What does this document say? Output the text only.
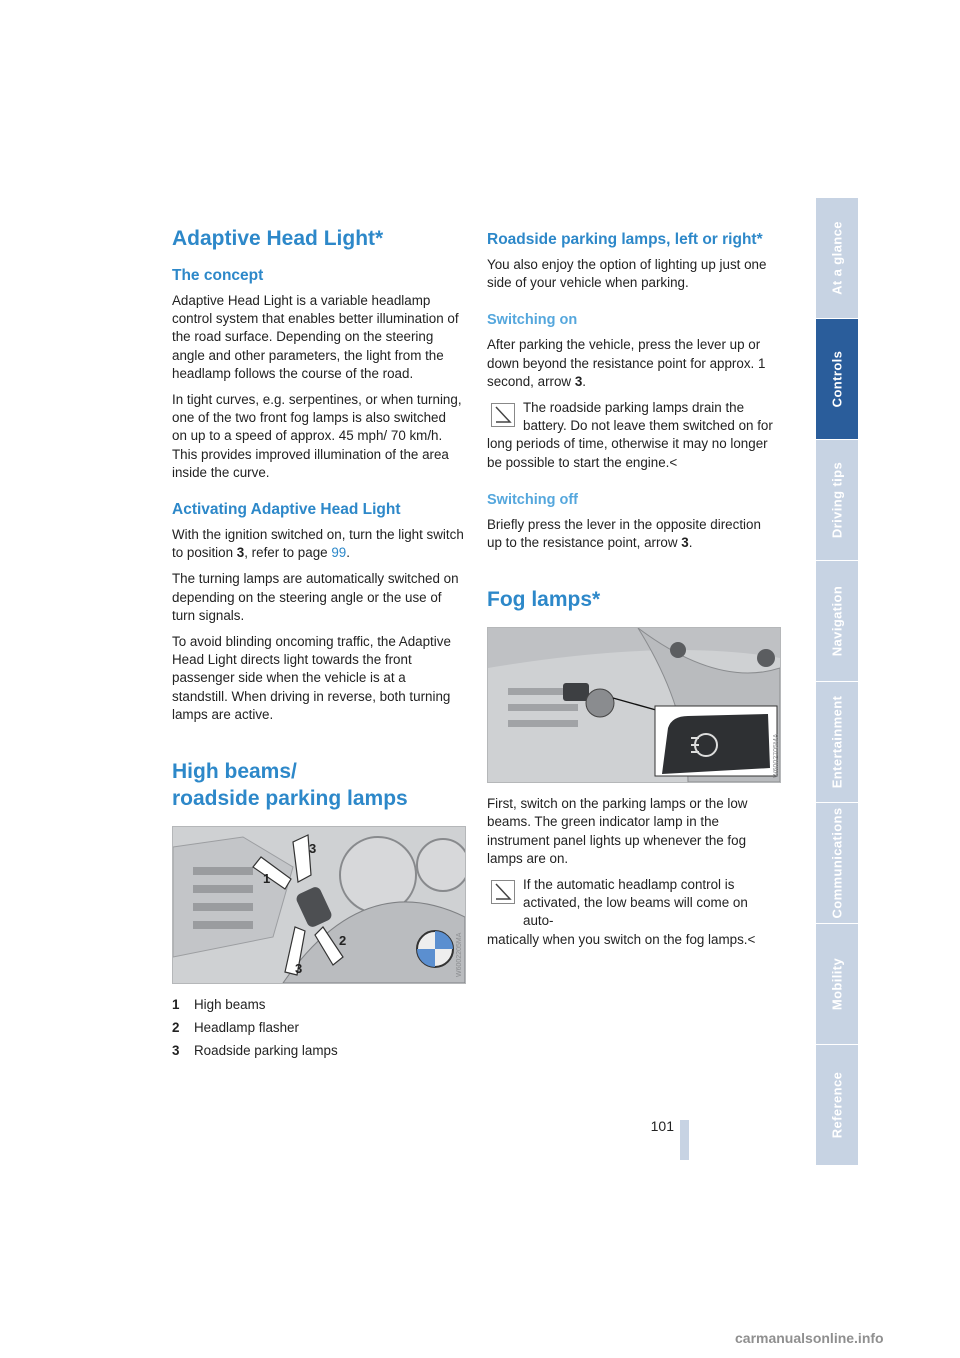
Adaptive Head Light*
The concept

Adaptive Head Light is a variable headlamp control system that enables better illumination of the road surface. Depending on the steering angle and other parameters, the light from the headlamp follows the course of the road.

In tight curves, e.g. serpentines, or when turning, one of the two front fog lamps is also switched on up to a speed of approx. 45 mph/ 70 km/h. This provides improved illumination of the area inside the curve.

Activating Adaptive Head Light

With the ignition switched on, turn the light switch to position 3, refer to page 99.

The turning lamps are automatically switched on depending on the steering angle or the use of turn signals.

To avoid blinding oncoming traffic, the Adaptive Head Light directs light towards the front passenger side when the vehicle is at a standstill. When driving in reverse, both turning lamps are active.

High beams/
roadside parking lamps
3
1
2
3	W6002205MA
1 High beams
2 Headlamp flasher
3 Roadside parking lamps
Roadside parking lamps, left or right*

You also enjoy the option of lighting up just one side of your vehicle when parking.

Switching on

After parking the vehicle, press the lever up or down beyond the resistance point for approx. 1 second, arrow 3.

The roadside parking lamps drain the battery. Do not leave them switched on for
long periods of time, otherwise it may no longer be possible to start the engine.<

Switching off

Briefly press the lever in the opposite direction up to the resistance point, arrow 3.

Fog lamps*
W6002705MA

First, switch on the parking lamps or the low beams. The green indicator lamp in the instrument panel lights up whenever the fog lamps are on.

If the automatic headlamp control is activated, the low beams will come on auto-
matically when you switch on the fog lamps.<

At a glance
Controls
Driving tips
Navigation
Entertainment
Communications
Mobility
Reference
101
carmanualsonline.info
